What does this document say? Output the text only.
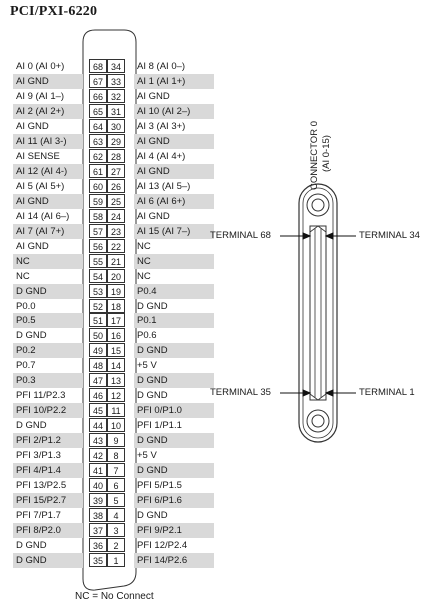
PCI/PXI-6220
AI 0 (AI 0+)	68 34	AI 8 (AI 0–)
AI GND	67 33	AI 1 (AI 1+)
AI 9 (AI 1–)	66 32	AI GND
AI 2 (AI 2+)	65 31	AI 10 (AI 2–)
AI GND	64 30	AI 3 (AI 3+)
AI 11 (AI 3-)	63 29	AI GND
AI SENSE	62 28	AI 4 (AI 4+)
AI 12 (AI 4-)	61 27	AI GND
AI 5 (AI 5+)	60 26	AI 13 (AI 5–)
AI GND	59 25	AI 6 (AI 6+)
AI 14 (AI 6–)	58 24	AI GND
AI 7 (AI 7+)	57 23	AI 15 (AI 7–)
AI GND	56 22	NC
NC	55 21	NC
NC	54 20	NC
D GND	53 19	P0.4
P0.0	52 18	D GND
P0.5	51 17	P0.1
D GND	50 16	P0.6
P0.2	49 15	D GND
P0.7	48 14	+5 V
P0.3	47 13	D GND
PFI 11/P2.3	46 12	D GND
PFI 10/P2.2	45 11	PFI 0/P1.0
D GND	44 10	PFI 1/P1.1
PFI 2/P1.2	43	9	D GND
PFI 3/P1.3	42	8	+5 V
PFI 4/P1.4	41	7	D GND
PFI 13/P2.5	40	6	PFI 5/P1.5
PFI 15/P2.7	39	5	PFI 6/P1.6
PFI 7/P1.7	38	4	D GND
PFI 8/P2.0	37	3	PFI 9/P2.1
D GND	36	2	PFI 12/P2.4
D GND	35	1	PFI 14/P2.6
TERMINAL 68	TERMINAL 34
TERMINAL 35	TERMINAL 1
CONNECTOR 0 (AI 0-15)
NC = No Connect
